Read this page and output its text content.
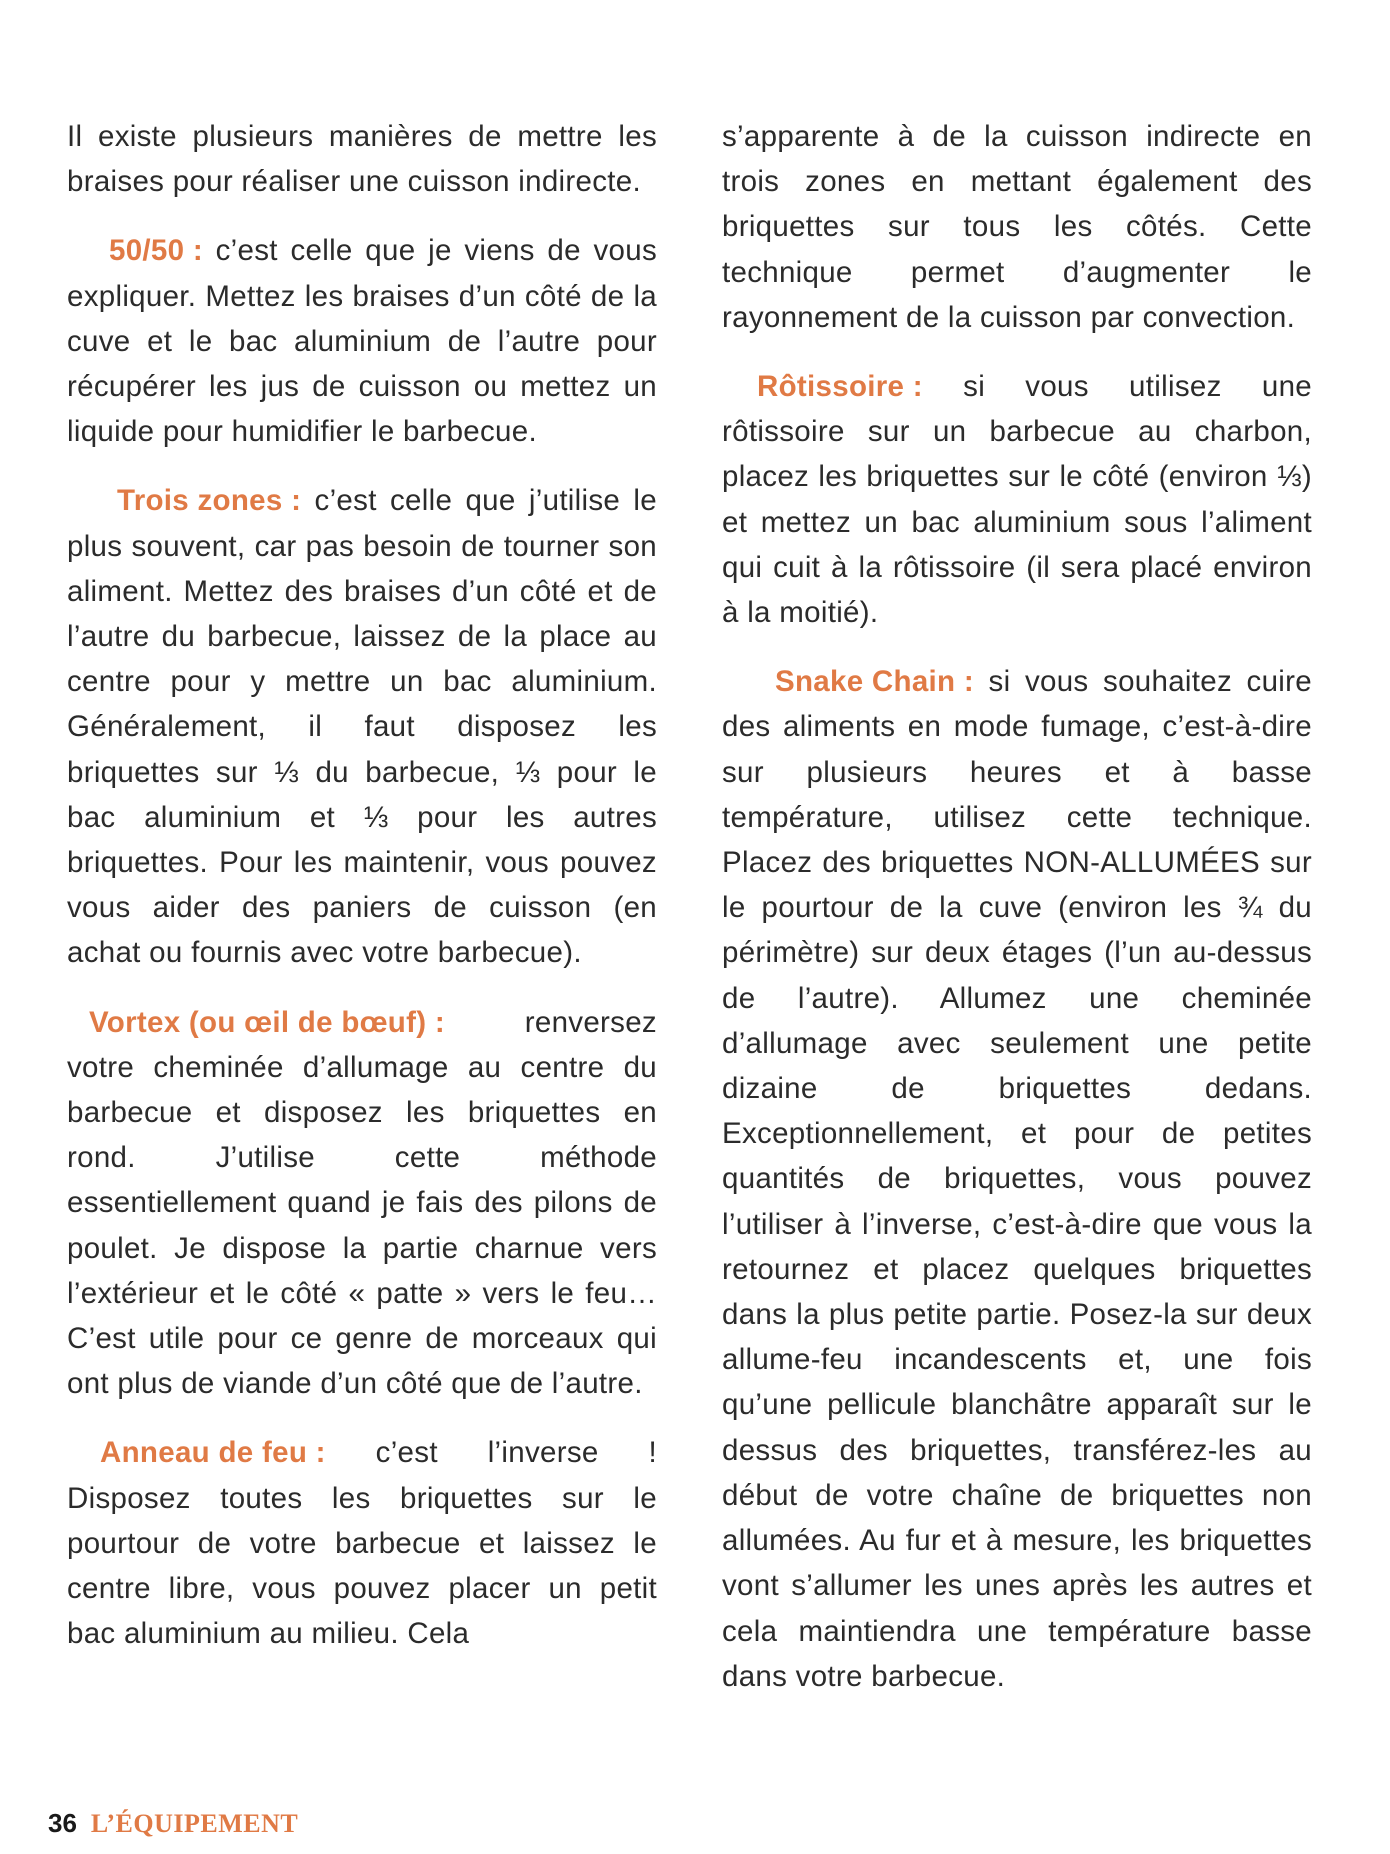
Il existe plusieurs manières de mettre les braises pour réaliser une cuisson indirecte.

50/50 : c’est celle que je viens de vous expliquer. Mettez les braises d’un côté de la cuve et le bac aluminium de l’autre pour récupérer les jus de cuisson ou mettez un liquide pour humidifier le barbecue.

Trois zones : c’est celle que j’utilise le plus souvent, car pas besoin de tourner son aliment. Mettez des braises d’un côté et de l’autre du barbecue, laissez de la place au centre pour y mettre un bac aluminium. Généralement, il faut disposez les briquettes sur ⅓ du barbecue, ⅓ pour le bac aluminium et ⅓ pour les autres briquettes. Pour les maintenir, vous pouvez vous aider des paniers de cuisson (en achat ou fournis avec votre barbecue).

Vortex (ou œil de bœuf) : renversez votre cheminée d’allumage au centre du barbecue et disposez les briquettes en rond. J’utilise cette méthode essentiellement quand je fais des pilons de poulet. Je dispose la partie charnue vers l’extérieur et le côté « patte » vers le feu… C’est utile pour ce genre de morceaux qui ont plus de viande d’un côté que de l’autre.

Anneau de feu : c’est l’inverse ! Disposez toutes les briquettes sur le pourtour de votre barbecue et laissez le centre libre, vous pouvez placer un petit bac aluminium au milieu. Cela

s’apparente à de la cuisson indirecte en trois zones en mettant également des briquettes sur tous les côtés. Cette technique permet d’augmenter le rayonnement de la cuisson par convection.

Rôtissoire : si vous utilisez une rôtissoire sur un barbecue au charbon, placez les briquettes sur le côté (environ ⅓) et mettez un bac aluminium sous l’aliment qui cuit à la rôtissoire (il sera placé environ à la moitié).

Snake Chain : si vous souhaitez cuire des aliments en mode fumage, c’est-à-dire sur plusieurs heures et à basse température, utilisez cette technique. Placez des briquettes NON-ALLUMÉES sur le pourtour de la cuve (environ les ¾ du périmètre) sur deux étages (l’un au-dessus de l’autre). Allumez une cheminée d’allumage avec seulement une petite dizaine de briquettes dedans. Exceptionnellement, et pour de petites quantités de briquettes, vous pouvez l’utiliser à l’inverse, c’est-à-dire que vous la retournez et placez quelques briquettes dans la plus petite partie. Posez-la sur deux allume-feu incandescents et, une fois qu’une pellicule blanchâtre apparaît sur le dessus des briquettes, transférez-les au début de votre chaîne de briquettes non allumées. Au fur et à mesure, les briquettes vont s’allumer les unes après les autres et cela maintiendra une température basse dans votre barbecue.

36 L’ÉQUIPEMENT
